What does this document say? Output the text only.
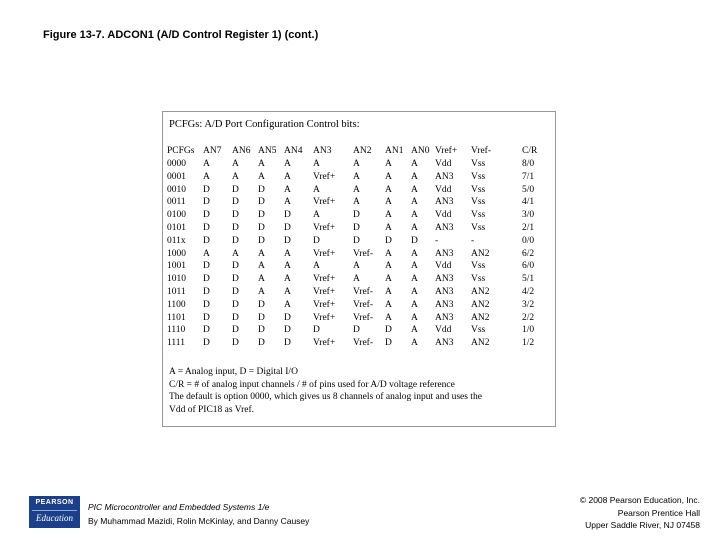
Figure 13-7. ADCON1 (A/D Control Register 1) (cont.)
PCFGs: A/D Port Configuration Control bits:
PCFGs	AN7	AN6	AN5	AN4	AN3	AN2	AN1	AN0	Vref+	Vref-	C/R
0000	A	A	A	A	A	A	A	A	Vdd	Vss	8/0
0001	A	A	A	A	Vref+	A	A	A	AN3	Vss	7/1
0010	D	D	D	A	A	A	A	A	Vdd	Vss	5/0
0011	D	D	D	A	Vref+	A	A	A	AN3	Vss	4/1
0100	D	D	D	D	A	D	A	A	Vdd	Vss	3/0
0101	D	D	D	D	Vref+	D	A	A	AN3	Vss	2/1
011x	D	D	D	D	D	D	D	D	-	-	0/0
1000	A	A	A	A	Vref+	Vref-	A	A	AN3	AN2	6/2
1001	D	D	A	A	A	A	A	A	Vdd	Vss	6/0
1010	D	D	A	A	Vref+	A	A	A	AN3	Vss	5/1
1011	D	D	A	A	Vref+	Vref-	A	A	AN3	AN2	4/2
1100	D	D	D	A	Vref+	Vref-	A	A	AN3	AN2	3/2
1101	D	D	D	D	Vref+	Vref-	A	A	AN3	AN2	2/2
1110	D	D	D	D	D	D	D	A	Vdd	Vss	1/0
1111	D	D	D	D	Vref+	Vref-	D	A	AN3	AN2	1/2
A = Analog input, D = Digital I/O
C/R = # of analog input channels / # of pins used for A/D voltage reference
The default is option 0000, which gives us 8 channels of analog input and uses the
Vdd of PIC18 as Vref.
PEARSON
Education
PIC Microcontroller and Embedded Systems 1/e
By Muhammad Mazidi, Rolin McKinlay, and Danny Causey
© 2008 Pearson Education, Inc.
Pearson Prentice Hall
Upper Saddle River, NJ 07458
